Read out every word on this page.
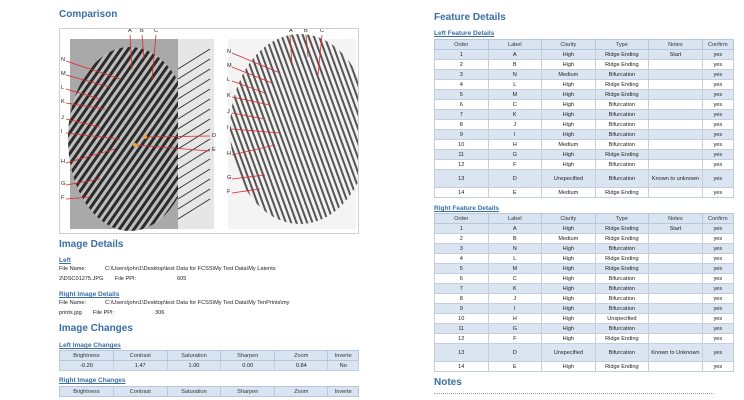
Comparison
A B C
N
M
L
K
J
I
H
G
F
D
E
A B C
N
M
L
K
J
I
H
G
F
Image Details
Left
File Name:	C:\Users\john1\Desktop\test Data for FCSS\My Test Data\My Latents
2\DSC01275.JPG File PPI:	605
Right Image Details
File Name:	C:\Users\john1\Desktop\test Data for FCSS\My Test Data\My TenPrints\my
prints.jpg File PPI:	306
Image Changes
Left Image Changes
Brightness	Contrast	Saturation	Sharpen	Zoom	Inverte
-0.20	1.47	1.00	0.00	0.84	No
Right Image Changes
Brightness	Contrast	Saturation	Sharpen	Zoom	Inverte
Feature Details
Left Feature Details
Order	Label	Clarity	Type	Notes	Confirm
1	A	High	Ridge Ending	Start	yes
2	B	High	Ridge Ending		yes
3	N	Medium	Bifurcation		yes
4	L	High	Ridge Ending		yes
5	M	High	Ridge Ending		yes
6	C	High	Bifurcation		yes
7	K	High	Bifurcation		yes
8	J	High	Bifurcation		yes
9	I	High	Bifurcation		yes
10	H	Medium	Bifurcation		yes
11	G	High	Ridge Ending		yes
12	F	High	Bifurcation		yes
13	D	Unspecified	Bifurcation	Known to unknown	yes
14	E	Medium	Ridge Ending		yes
Right Feature Details
Order	Label	Clarity	Type	Notes	Confirm
1	A	High	Ridge Ending	Start	yes
2	B	Medium	Ridge Ending		yes
3	N	High	Bifurcation		yes
4	L	High	Ridge Ending		yes
5	M	High	Ridge Ending		yes
6	C	High	Bifurcation		yes
7	K	High	Bifurcation		yes
8	J	High	Bifurcation		yes
9	I	High	Bifurcation		yes
10	H	High	Unspecified		yes
11	G	High	Bifurcation		yes
12	F	High	Ridge Ending		yes
13	D	Unspecified	Bifurcation	Known to Unknown	yes
14	E	High	Ridge Ending		yes
Notes
